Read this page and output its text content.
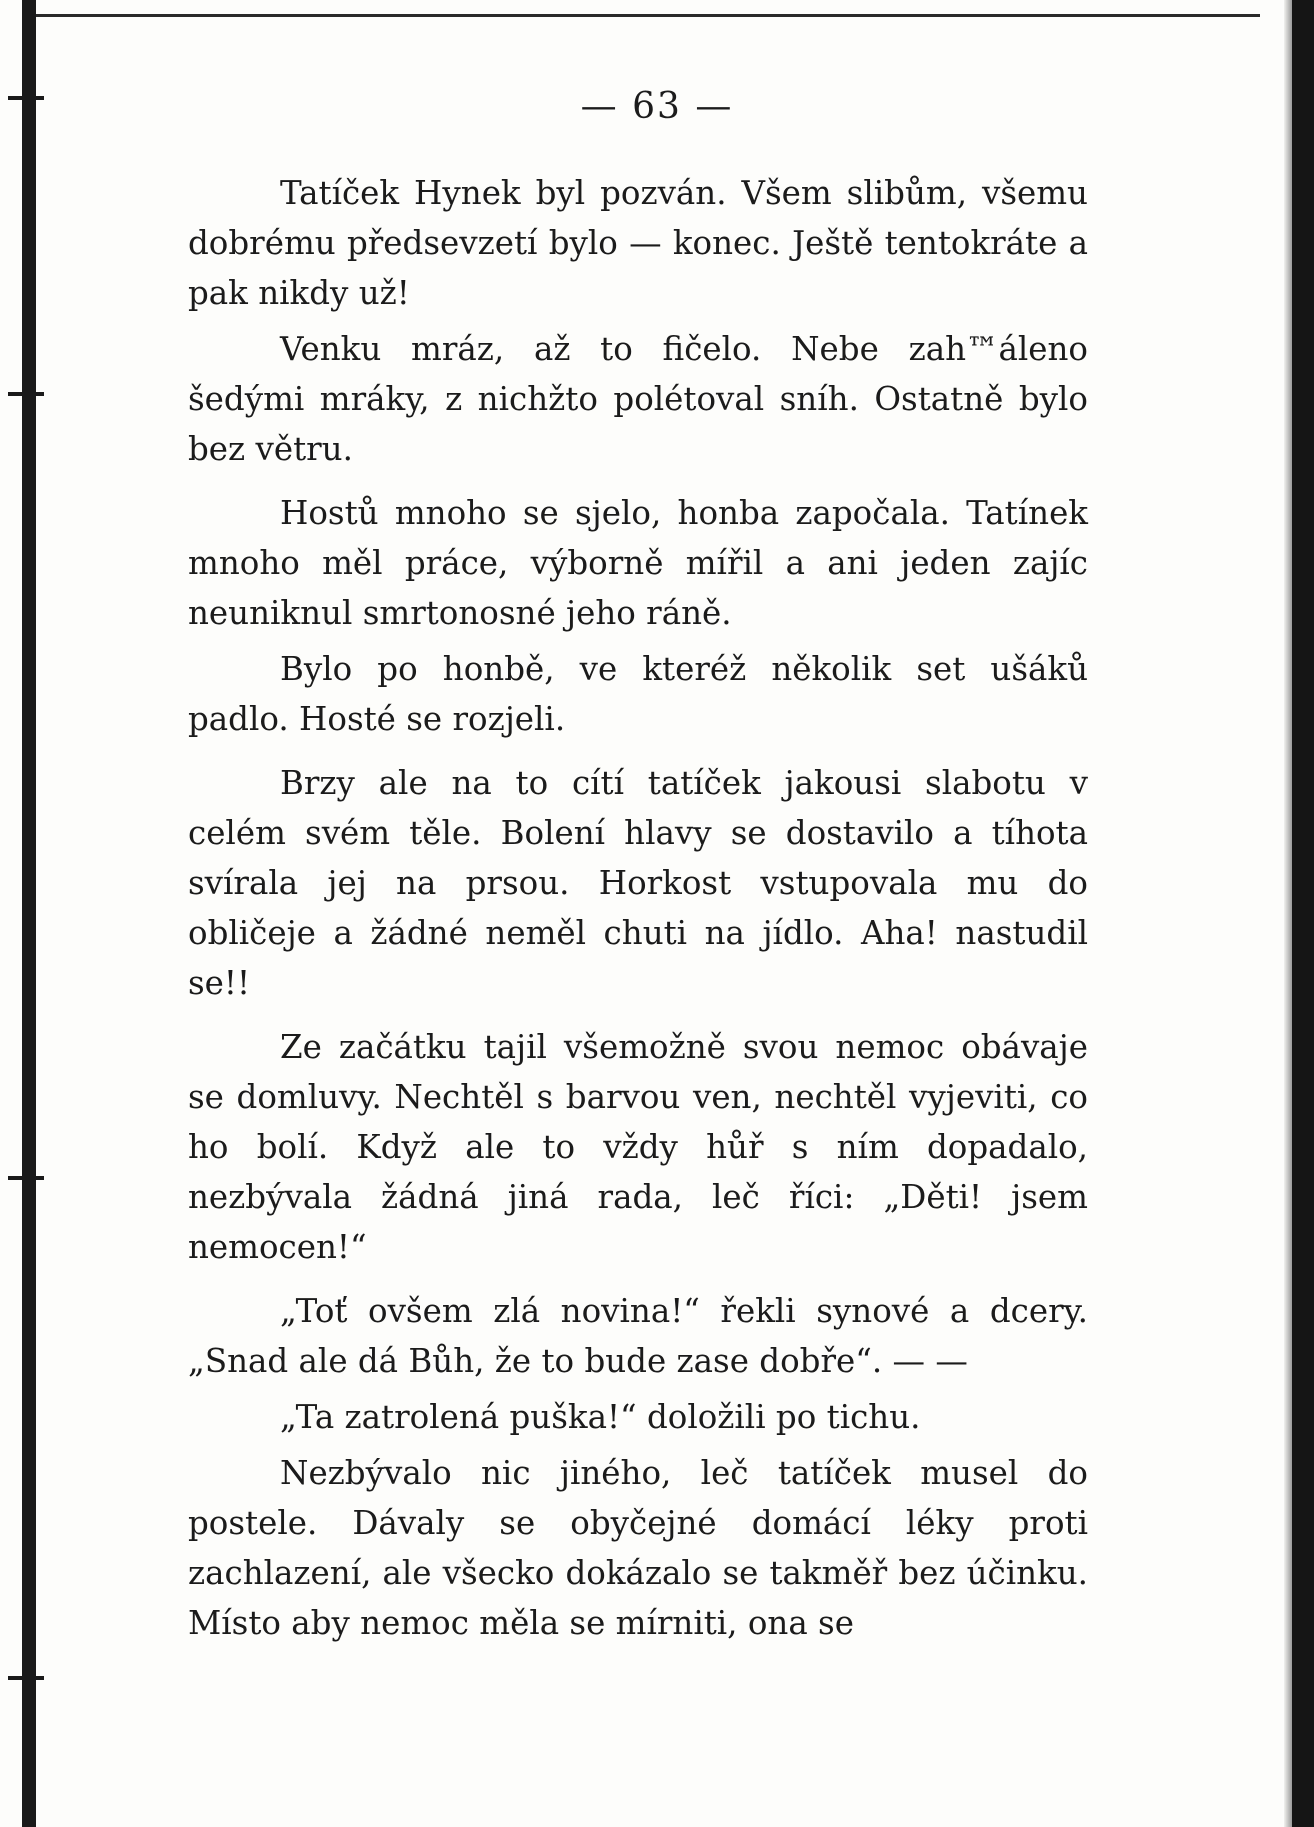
— 63 —

Tatíček Hynek byl pozván. Všem slibům, všemu dobrému předsevzetí bylo — konec. Ještě tentokráte a pak nikdy už!

Venku mráz, až to fičelo. Nebe zah™áleno šedými mráky, z nichžto polétoval sníh. Ostatně bylo bez větru.

Hostů mnoho se sjelo, honba započala. Tatínek mnoho měl práce, výborně mířil a ani jeden zajíc neuniknul smrtonosné jeho ráně.

Bylo po honbě, ve kteréž několik set ušáků padlo. Hosté se rozjeli.

Brzy ale na to cítí tatíček jakousi slabotu v celém svém těle. Bolení hlavy se dostavilo a tíhota svírala jej na prsou. Horkost vstupovala mu do obličeje a žádné neměl chuti na jídlo. Aha! nastudil se!!

Ze začátku tajil všemožně svou nemoc obávaje se domluvy. Nechtěl s barvou ven, nechtěl vyjeviti, co ho bolí. Když ale to vždy hůř s ním dopadalo, nezbývala žádná jiná rada, leč říci: „Děti! jsem nemocen!“

„Toť ovšem zlá novina!“ řekli synové a dcery. „Snad ale dá Bůh, že to bude zase dobře“. — —

„Ta zatrolená puška!“ doložili po tichu.

Nezbývalo nic jiného, leč tatíček musel do postele. Dávaly se obyčejné domácí léky proti zachlazení, ale všecko dokázalo se takměř bez účinku. Místo aby nemoc měla se mírniti, ona se
